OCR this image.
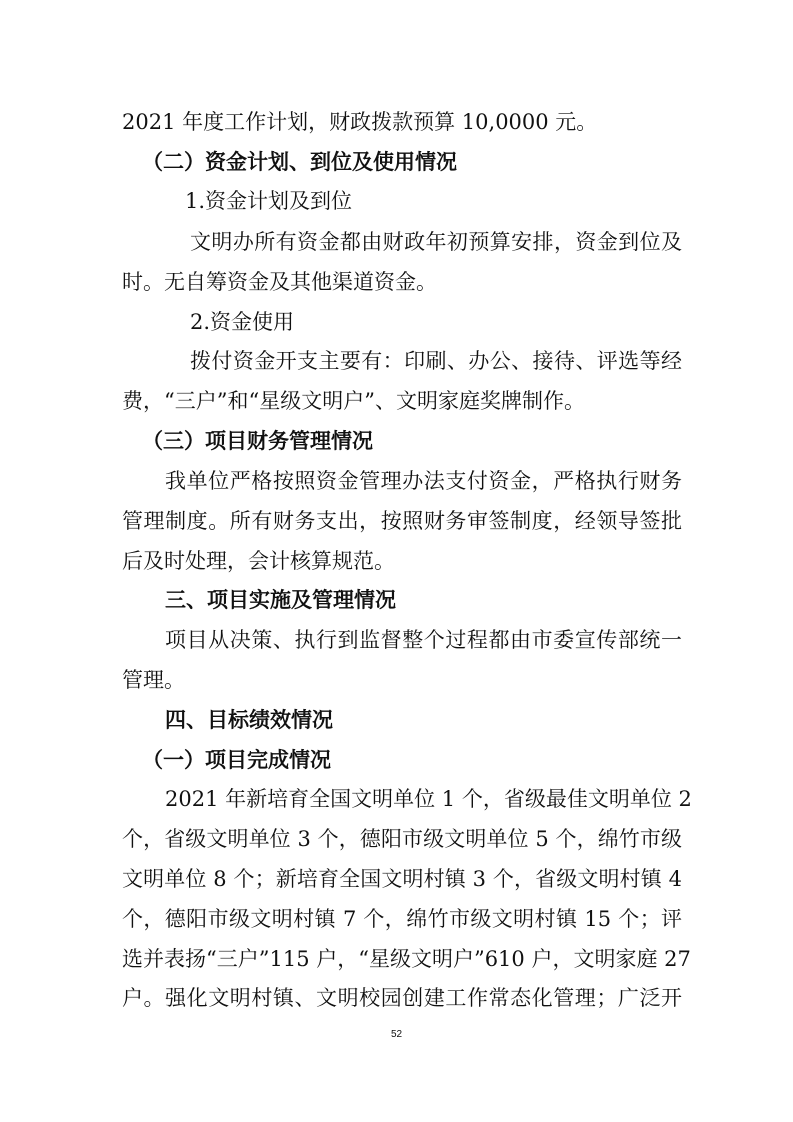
2021 年度工作计划，财政拨款预算 10,0000 元。
（二）资金计划、到位及使用情况
1.资金计划及到位
文明办所有资金都由财政年初预算安排，资金到位及
时。无自筹资金及其他渠道资金。
2.资金使用
拨付资金开支主要有：印刷、办公、接待、评选等经
费，“三户”和“星级文明户”、文明家庭奖牌制作。
（三）项目财务管理情况
我单位严格按照资金管理办法支付资金，严格执行财务
管理制度。所有财务支出，按照财务审签制度，经领导签批
后及时处理，会计核算规范。
三、项目实施及管理情况
项目从决策、执行到监督整个过程都由市委宣传部统一
管理。
四、目标绩效情况
（一）项目完成情况
2021 年新培育全国文明单位 1 个，省级最佳文明单位 2
个，省级文明单位 3 个，德阳市级文明单位 5 个，绵竹市级
文明单位 8 个；新培育全国文明村镇 3 个，省级文明村镇 4
个，德阳市级文明村镇 7 个，绵竹市级文明村镇 15 个；评
选并表扬“三户”115 户，“星级文明户”610 户，文明家庭 27
户。强化文明村镇、文明校园创建工作常态化管理；广泛开
52
